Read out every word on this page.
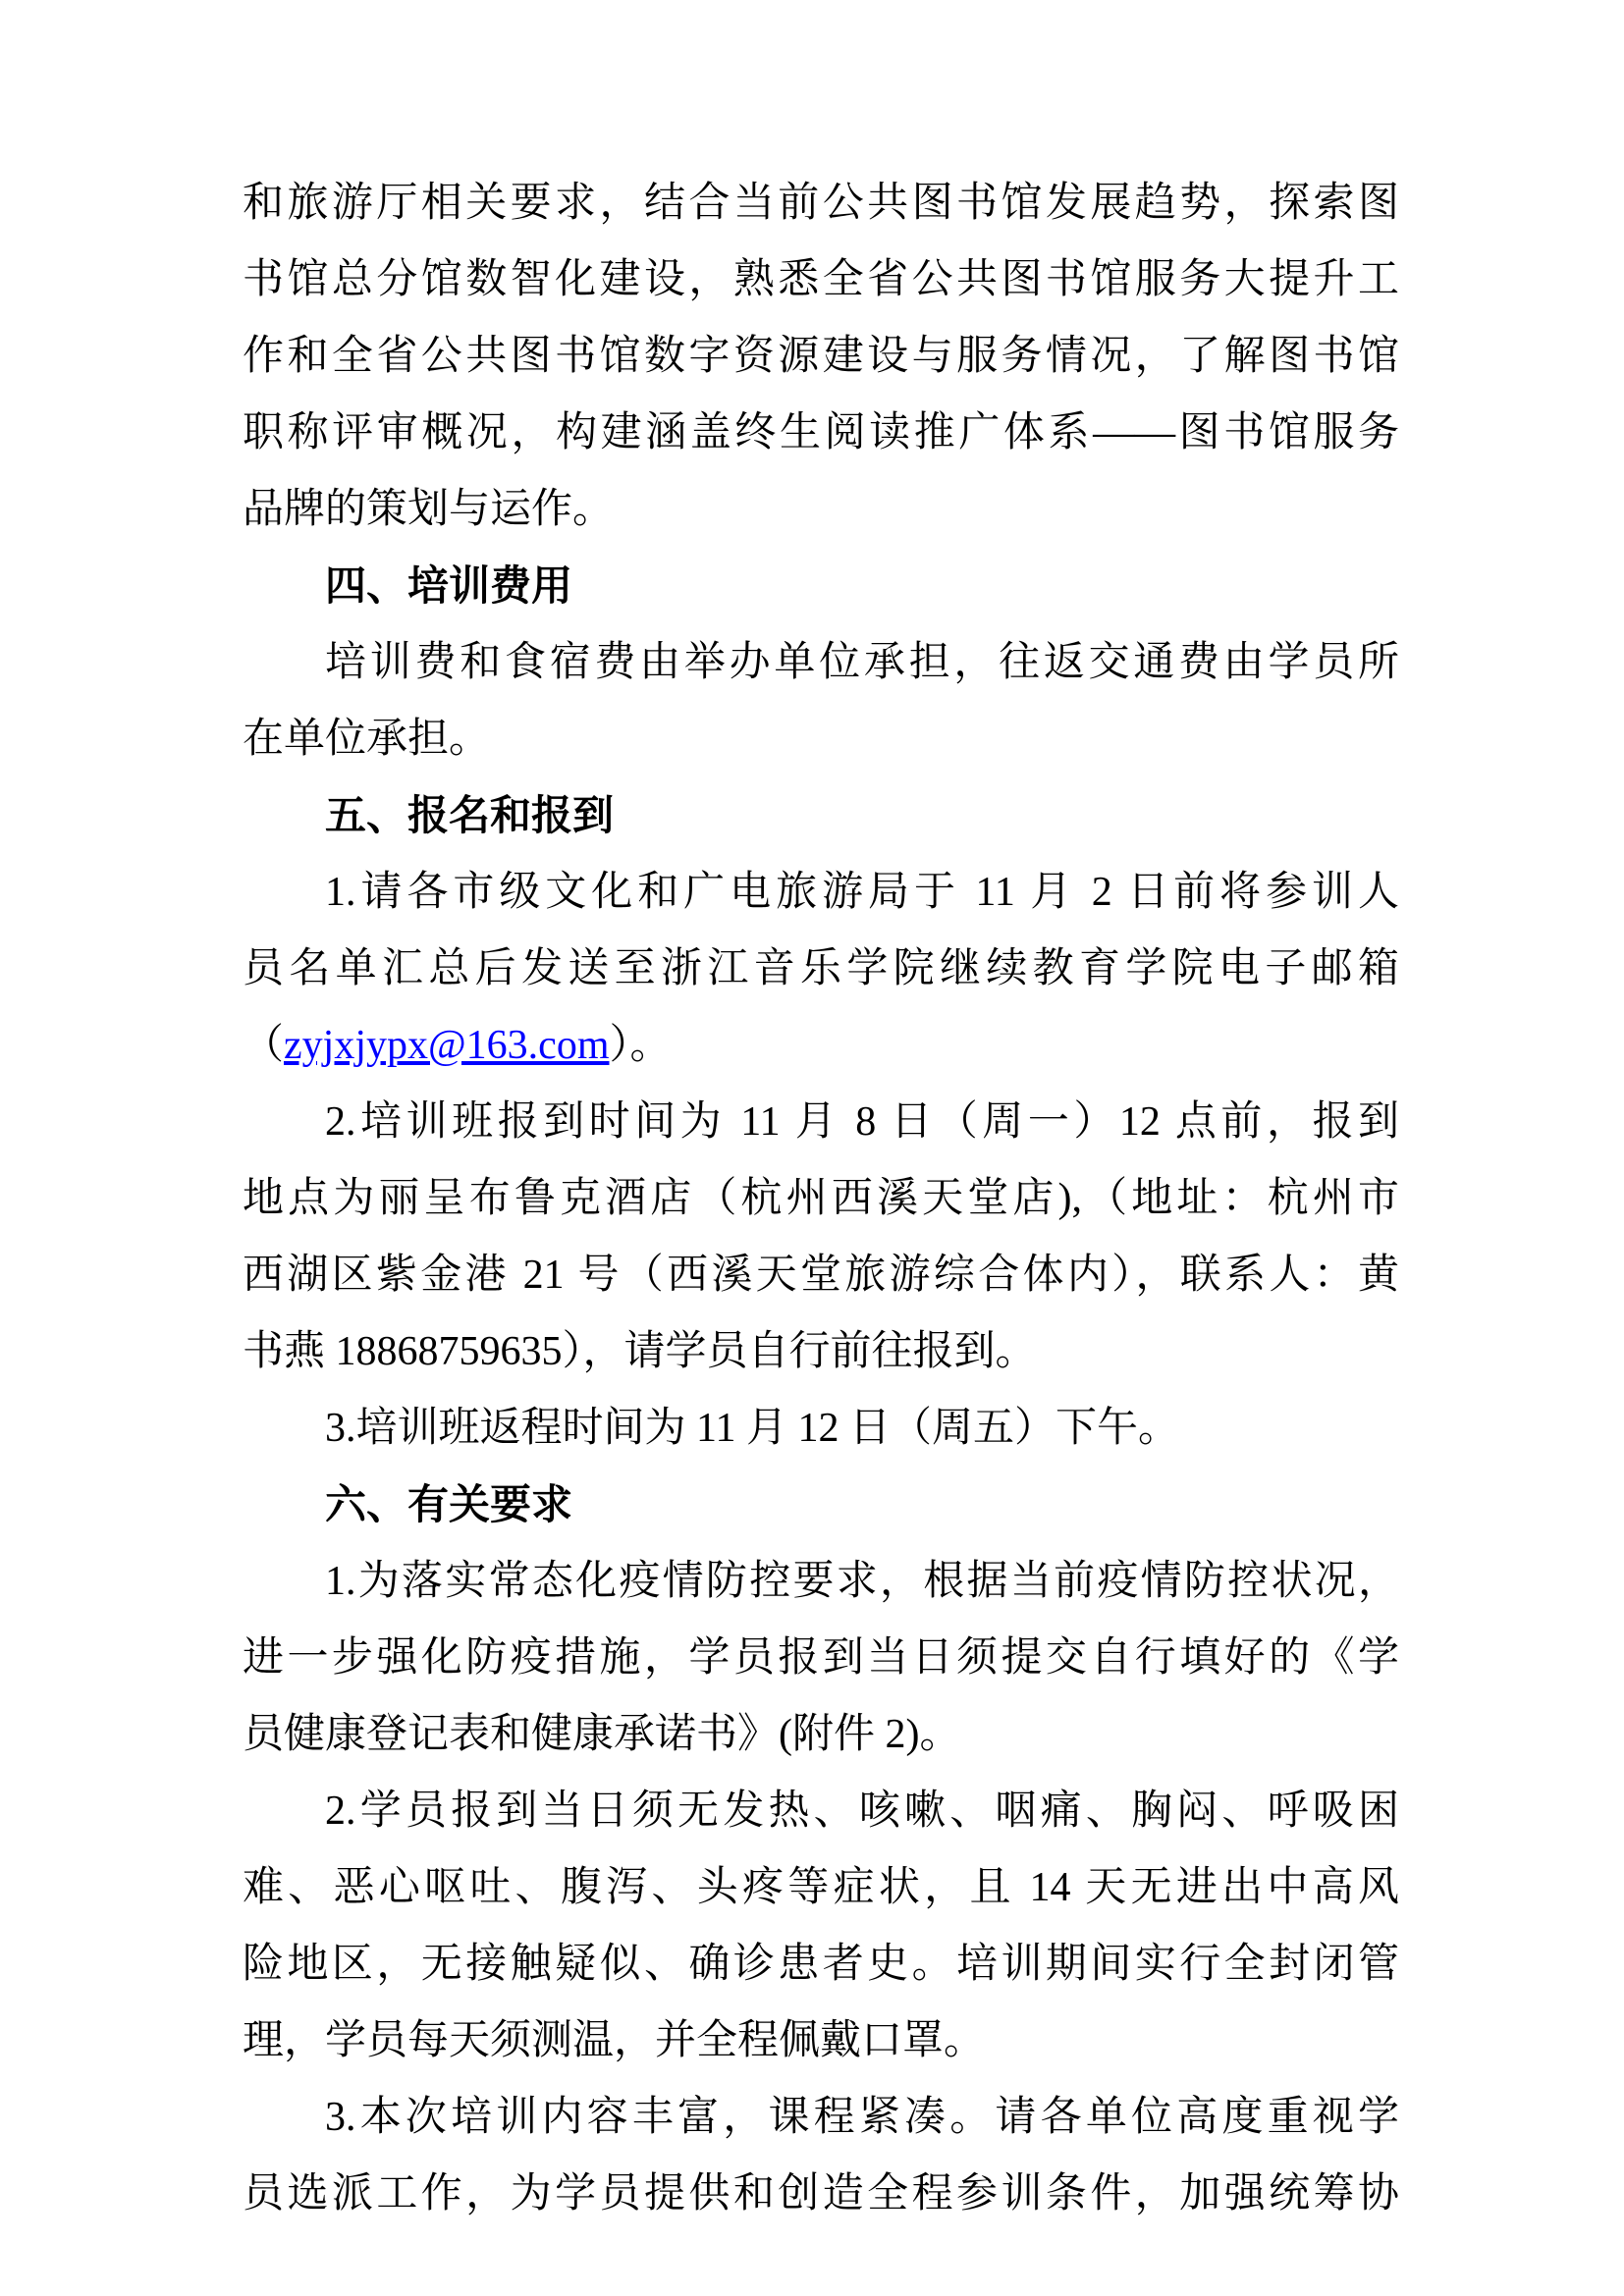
和旅游厅相关要求，结合当前公共图书馆发展趋势，探索图
书馆总分馆数智化建设，熟悉全省公共图书馆服务大提升工
作和全省公共图书馆数字资源建设与服务情况，了解图书馆
职称评审概况，构建涵盖终生阅读推广体系——图书馆服务
品牌的策划与运作。
四、培训费用
培训费和食宿费由举办单位承担，往返交通费由学员所
在单位承担。
五、报名和报到
1.请各市级文化和广电旅游局于 11 月 2 日前将参训人
员名单汇总后发送至浙江音乐学院继续教育学院电子邮箱
（zyjxjypx@163.com）。
2.培训班报到时间为 11 月 8 日（周一）12 点前，报到
地点为丽呈布鲁克酒店（杭州西溪天堂店),（地址：杭州市
西湖区紫金港 21 号（西溪天堂旅游综合体内），联系人：黄
书燕 18868759635），请学员自行前往报到。
3.培训班返程时间为 11 月 12 日（周五）下午。
六、有关要求
1.为落实常态化疫情防控要求，根据当前疫情防控状况，
进一步强化防疫措施，学员报到当日须提交自行填好的《学
员健康登记表和健康承诺书》(附件 2)。
2.学员报到当日须无发热、咳嗽、咽痛、胸闷、呼吸困
难、恶心呕吐、腹泻、头疼等症状，且 14 天无进出中高风
险地区，无接触疑似、确诊患者史。培训期间实行全封闭管
理，学员每天须测温，并全程佩戴口罩。
3.本次培训内容丰富，课程紧凑。请各单位高度重视学
员选派工作，为学员提供和创造全程参训条件，加强统筹协
